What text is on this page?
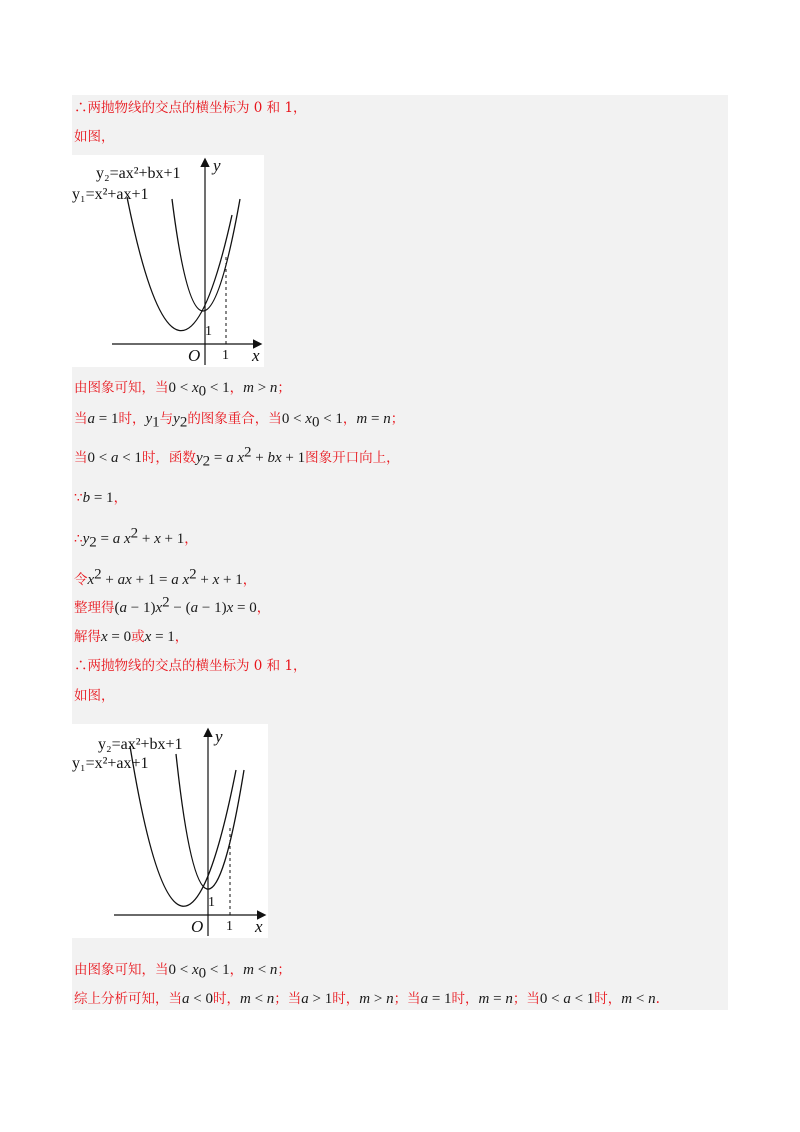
∴两抛物线的交点的横坐标为 0 和 1，
如图，
y₂=ax²+bx+1
y₁=x²+ax+1
y
x
O 1
1
由图象可知，当$0 < x_0 < 1$，m > n；
当a = 1时，$y_1$与$y_2$的图象重合，当$0 < x_0 < 1$，m = n；
当0 < a < 1时，函数$y_2 = a$ $x^2$ + bx + 1图象开口向上，
∵b = 1，
$\therefore y_2 = a$ $x^2 + x + 1$，
令$x^2$ + ax + 1 = a $x^2 + x + 1$，
整理得$(a - 1)x^2 - (a - 1)x = 0$，
解得x = 0或x = 1，
∴两抛物线的交点的横坐标为 0 和 1，
如图，
y₂=ax²+bx+1
y₁=x²+ax+1
y
x
O 1
1
由图象可知，当$0 < x_0 < 1$，m < n；
综上分析可知，当a < 0时，m < n；当a > 1时，m > n；当a = 1时，m = n；当0 < a < 1时，m < n.
